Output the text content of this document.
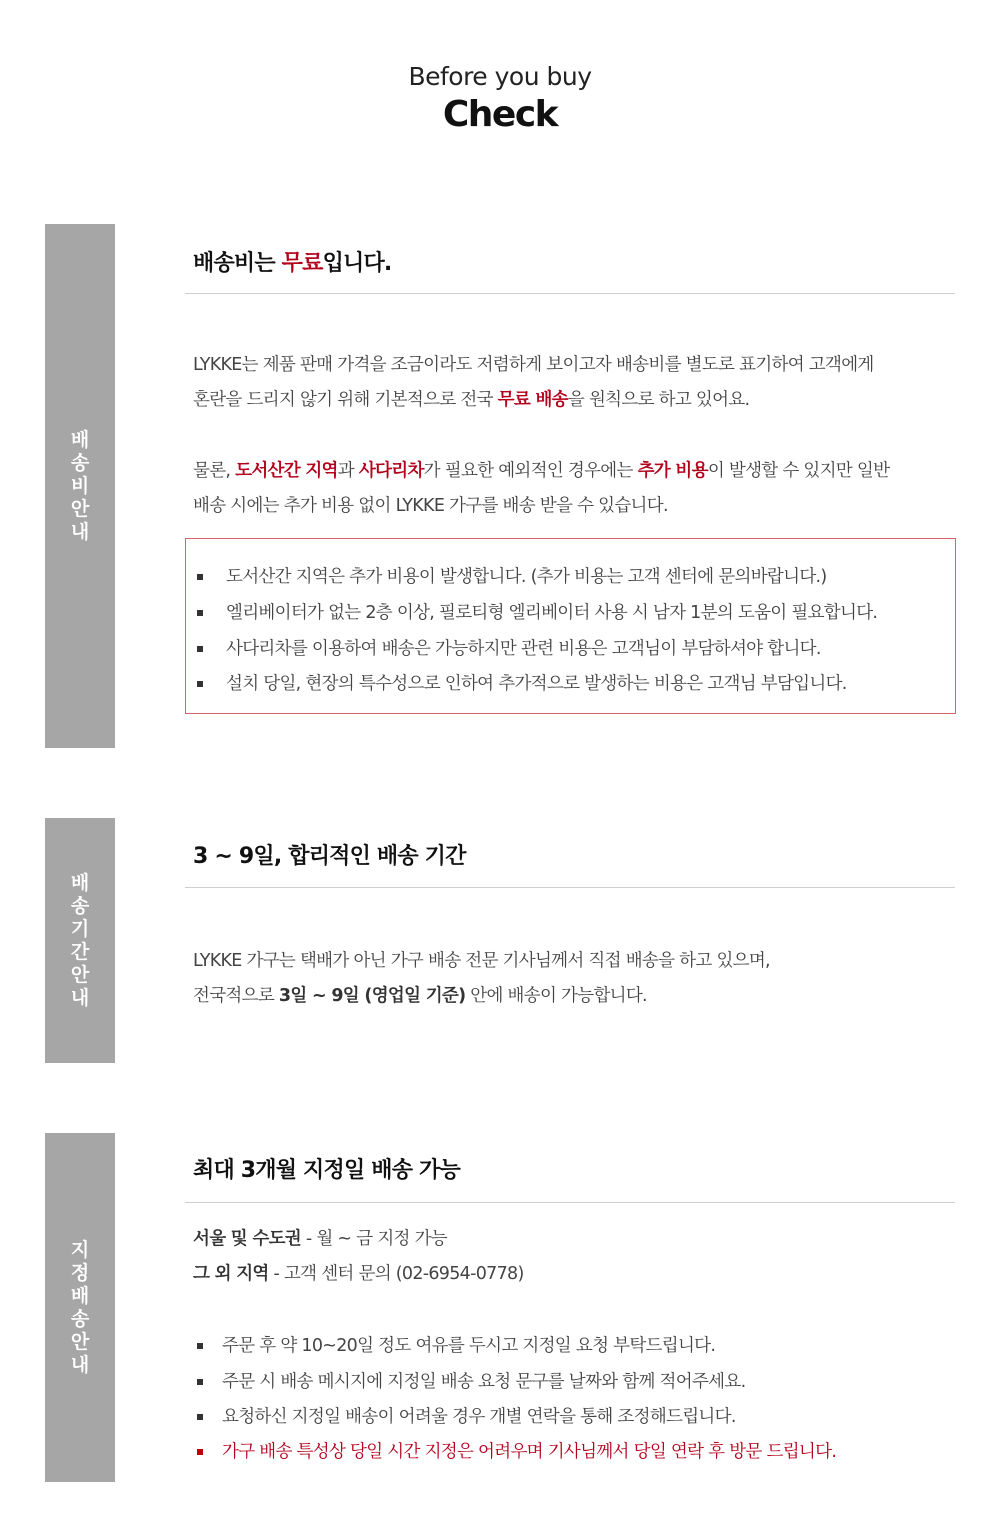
Before you buy
Check
배송비 안내
배송비는 무료입니다.
LYKKE는 제품 판매 가격을 조금이라도 저렴하게 보이고자 배송비를 별도로 표기하여 고객에게
혼란을 드리지 않기 위해 기본적으로 전국 무료 배송을 원칙으로 하고 있어요.
물론, 도서산간 지역과 사다리차가 필요한 예외적인 경우에는 추가 비용이 발생할 수 있지만 일반
배송 시에는 추가 비용 없이 LYKKE 가구를 배송 받을 수 있습니다.
도서산간 지역은 추가 비용이 발생합니다. (추가 비용는 고객 센터에 문의바랍니다.)
엘리베이터가 없는 2층 이상, 필로티형 엘리베이터 사용 시 남자 1분의 도움이 필요합니다.
사다리차를 이용하여 배송은 가능하지만 관련 비용은 고객님이 부담하셔야 합니다.
설치 당일, 현장의 특수성으로 인하여 추가적으로 발생하는 비용은 고객님 부담입니다.
배송기간 안내
3 ~ 9일, 합리적인 배송 기간
LYKKE 가구는 택배가 아닌 가구 배송 전문 기사님께서 직접 배송을 하고 있으며,
전국적으로 3일 ~ 9일 (영업일 기준) 안에 배송이 가능합니다.
지정배송 안내
최대 3개월 지정일 배송 가능
서울 및 수도권 - 월 ~ 금 지정 가능
그 외 지역 - 고객 센터 문의 (02-6954-0778)
주문 후 약 10~20일 정도 여유를 두시고 지정일 요청 부탁드립니다.
주문 시 배송 메시지에 지정일 배송 요청 문구를 날짜와 함께 적어주세요.
요청하신 지정일 배송이 어려울 경우 개별 연락을 통해 조정해드립니다.
가구 배송 특성상 당일 시간 지정은 어려우며 기사님께서 당일 연락 후 방문 드립니다.
